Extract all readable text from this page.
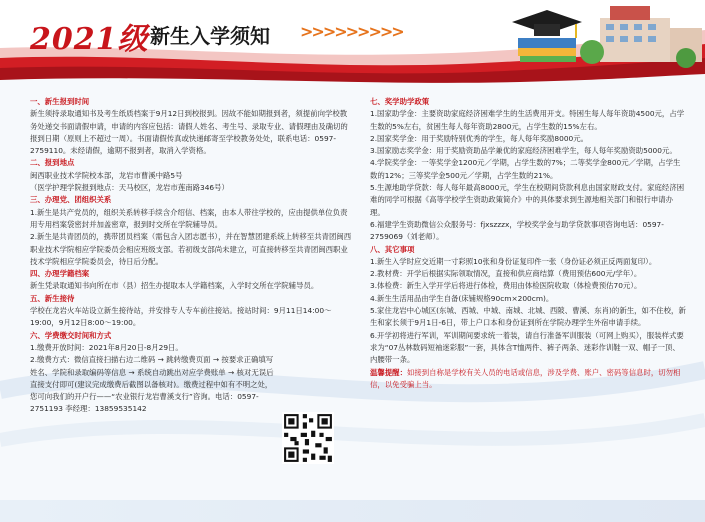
2021级 新生入学须知 >>>>>>>>>
一、新生报到时间
新生须持录取通知书及考生纸质档案于9月12日到校报到。因故不能如期报到者，须提前向学校教务处递交书面请假申请，申请的内容应包括：请假人姓名、考生号、录取专业、请假理由及确切的报到日期（原则上不超过一周）。书面请假传真或快递邮寄至学校教务处处，联系电话：0597-2759110。未经请假，逾期不报到者，取消入学资格。
二、报到地点
闽西职业技术学院校本部，龙岩市曹溪中路5号
（医学护理学院报到地点：天马校区，龙岩市莲南路346号）
三、办理党、团组织关系
1.新生是共产党员的，组织关系转移手续含介绍信、档案，由本人带往学校的，应由提供单位负责用专用档案袋密封并加盖密章，报到时交所在学院辅导员。
2.新生是共青团员的，携带团员档案（需包含入团志愿书），并在智慧团建系统上转移至共青团闽西职业技术学院相应学院委员会相应班级支部。若初级支部尚未建立，可直接转移至共青团闽西职业技术学院相应学院委员会，待日后分配。
四、办理学籍档案
新生凭录取通知书向所在市（县）招生办提取本人学籍档案，入学时交所在学院辅导员。
五、新生接待
学校在龙岩火车站设立新生接待站，并安排专人专车前往接站。接站时间：9月11日14:00～19:00，9月12日8:00～19:00。
六、学费缴交时间和方式
1.缴费开放时间：2021年8月20日-8月29日。
2.缴费方式：微信直接扫描右边二维码 → 跳转缴费页面 → 按要求正确填写姓名、学院和录取编码等信息 → 系统自动跳出对应学费账单 → 核对无误后直接支付即可(建议完成缴费后截图以备核对)。缴费过程中如有不明之处，您可向我们的开户行——“农业银行龙岩曹溪支行”咨询。电话：0597-2751193 李经理：13859535142
七、奖学助学政策
1.国家助学金：主要资助家庭经济困难学生的生活费用开支。特困生每人每年资助4500元，占学生数的5%左右，贫困生每人每年资助2800元，占学生数的15%左右。
2.国家奖学金：用于奖励特别优秀的学生，每人每年奖励8000元。
3.国家励志奖学金：用于奖励资助品学兼优的家庭经济困难学生，每人每年奖励资助5000元。
4.学院奖学金：一等奖学金1200元／学期，占学生数的7%；二等奖学金800元／学期，占学生数的12%；三等奖学金500元／学期，占学生数的21%。
5.生源地助学贷款：每人每年最高8000元，学生在校期间贷款利息由国家财政支付。家庭经济困难的同学可根据《高等学校学生资助政策简介》中的具体要求到生源地相关部门和银行申请办理。
6.福建学生资助微信公众服务号：fjxszzzx，学校奖学金与助学贷款事项咨询电话：0597-2759069（刘老师）。
八、其它事项
1.新生入学时应交近期一寸彩照10张和身份证复印件一张（身份证必须正反两面复印）。
2.教材费：开学后根据实际领取情况，直接和供应商结算（费用预估600元/学年）。
3.体检费：新生入学开学后将进行体检，费用由体检医院收取（体检费预估70元）。
4.新生生活用品由学生自备(床铺规格90cm×200cm)。
5.家住龙岩中心城区(东城、西城、中城、南城、北城、西陂、曹溪、东肖)的新生，如不住校，新生和家长须于9月1日-6日，带上户口本和身份证到所在学院办理学生外宿申请手续。
6.开学初将进行军训，军训期间要求统一着装，请自行准备军训服装（可网上购买），服装样式要求为“07丛林数码短袖迷彩服”一套，具体含T恤两件、裤子两条、迷彩作训鞋一双、帽子一顶、内腰带一条。
温馨提醒：如接到自称是学校有关人员的电话或信息，涉及学费、账户、密码等信息时，切勿相信，以免受骗上当。
